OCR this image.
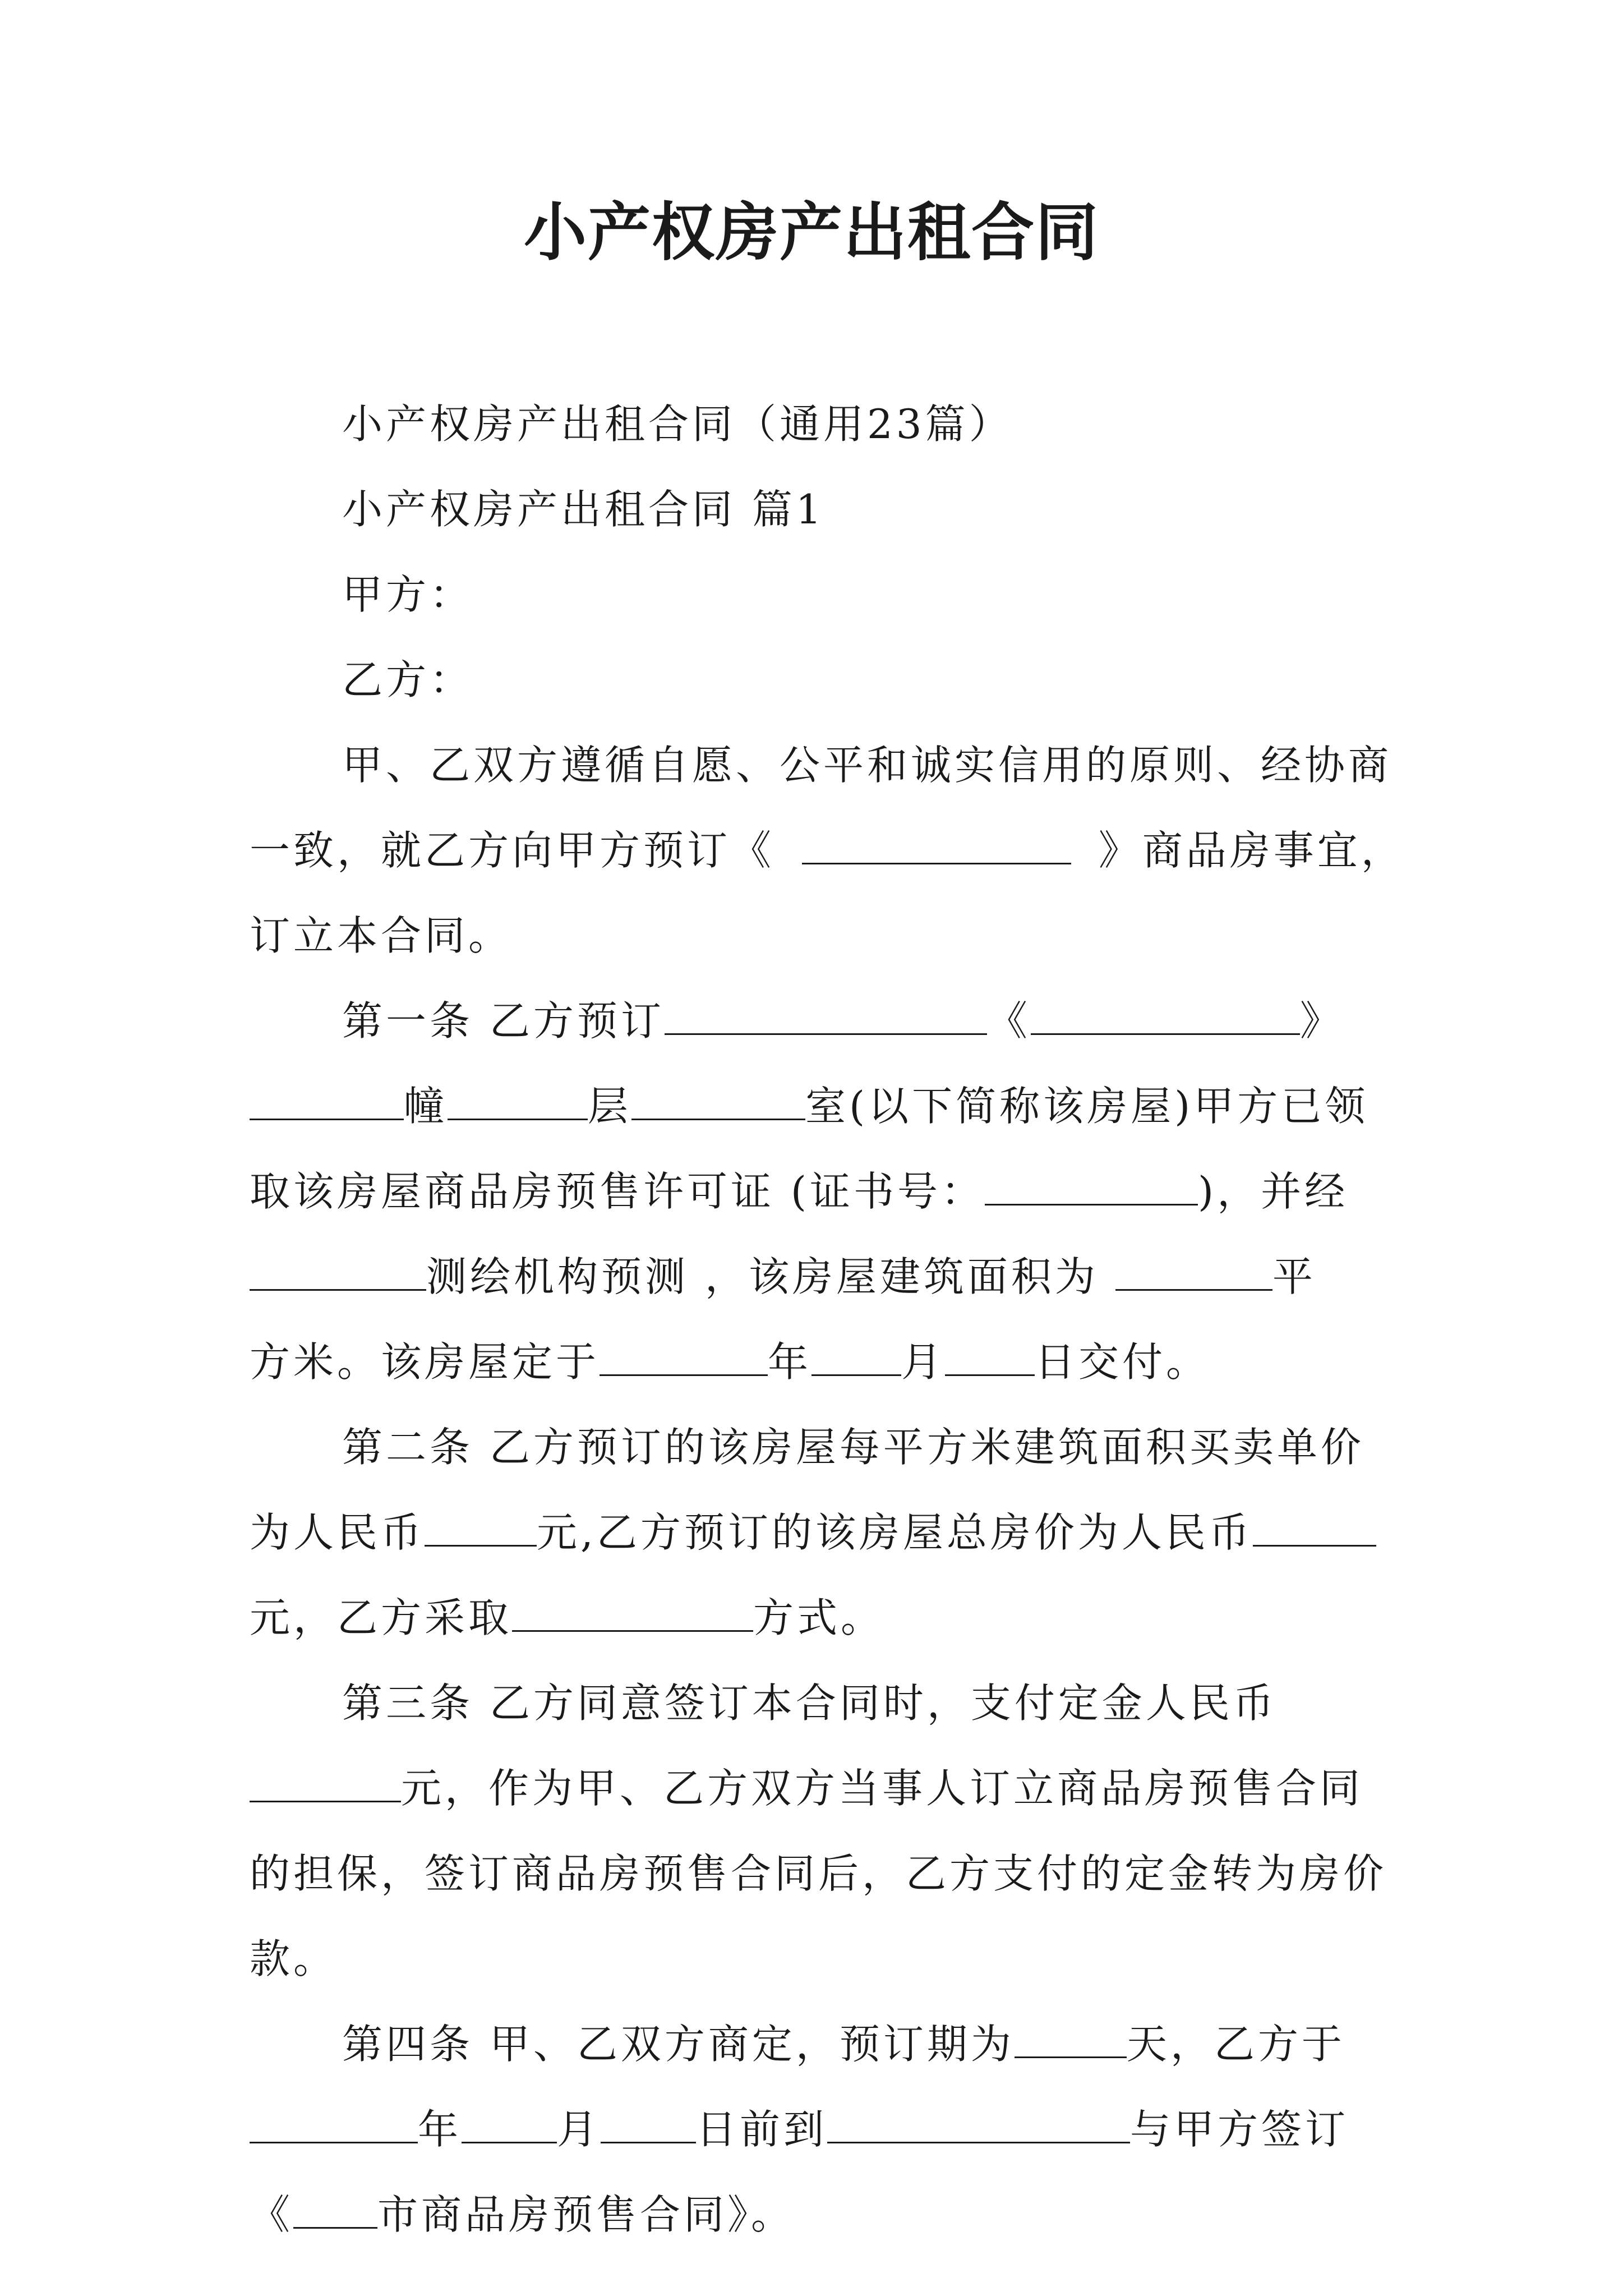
小产权房产出租合同
小产权房产出租合同（通用23篇）
小产权房产出租合同 篇1
甲方：
乙方：
甲、乙双方遵循自愿、公平和诚实信用的原则、经协商
一致，就乙方向甲方预订《	》商品房事宜，
订立本合同。
第一条 乙方预订	《	》
幢	层	室(以下简称该房屋)甲方已领
取该房屋商品房预售许可证 (证书号：	)，并经
测绘机构预测 ，该房屋建筑面积为	平
方米。该房屋定于	年 月 日交付。
第二条 乙方预订的该房屋每平方米建筑面积买卖单价
为人民币	元,乙方预订的该房屋总房价为人民币
元，乙方采取	方式。
第三条 乙方同意签订本合同时，支付定金人民币
元，作为甲、乙方双方当事人订立商品房预售合同
的担保，签订商品房预售合同后，乙方支付的定金转为房价
款。
第四条 甲、乙双方商定，预订期为	天，乙方于
年 月 日前到	与甲方签订
《 市商品房预售合同》。
